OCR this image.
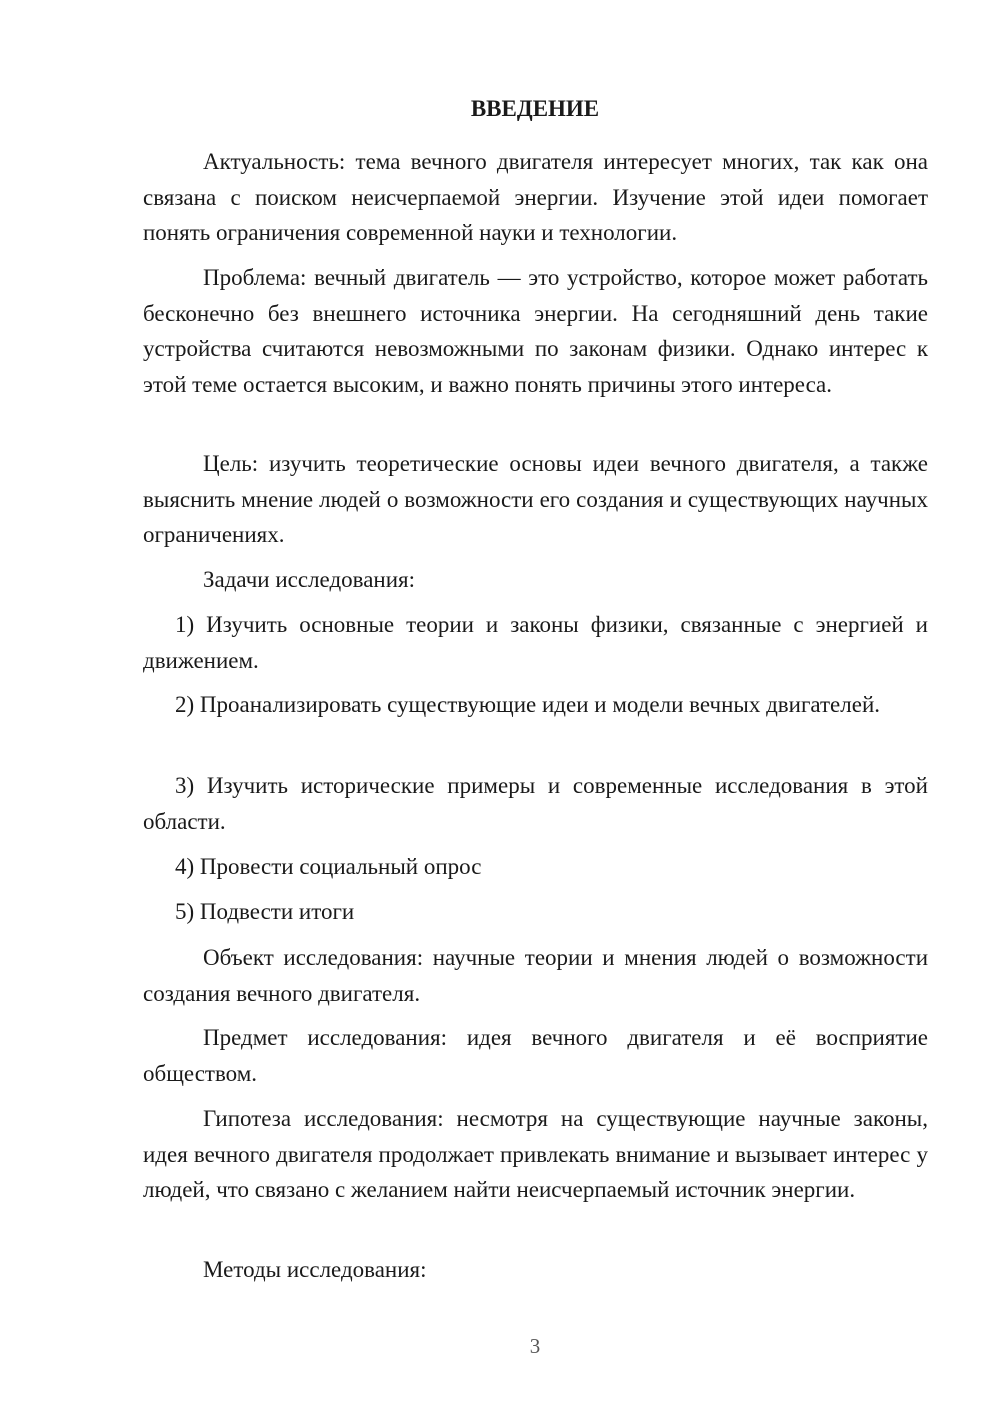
ВВЕДЕНИЕ

Актуальность: тема вечного двигателя интересует многих, так как она связана с поиском неисчерпаемой энергии. Изучение этой идеи помогает понять ограничения современной науки и технологии.

Проблема: вечный двигатель — это устройство, которое может работать бесконечно без внешнего источника энергии. На сегодняшний день такие устройства считаются невозможными по законам физики. Однако интерес к этой теме остается высоким, и важно понять причины этого интереса.

Цель: изучить теоретические основы идеи вечного двигателя, а также выяснить мнение людей о возможности его создания и существующих научных ограничениях.

Задачи исследования:

1) Изучить основные теории и законы физики, связанные с энергией и движением.

2) Проанализировать существующие идеи и модели вечных двигателей.

3) Изучить исторические примеры и современные исследования в этой области.

4) Провести социальный опрос

5) Подвести итоги

Объект исследования: научные теории и мнения людей о возможности создания вечного двигателя.

Предмет исследования: идея вечного двигателя и её восприятие обществом.

Гипотеза исследования: несмотря на существующие научные законы, идея вечного двигателя продолжает привлекать внимание и вызывает интерес у людей, что связано с желанием найти неисчерпаемый источник энергии.

Методы исследования:

3
